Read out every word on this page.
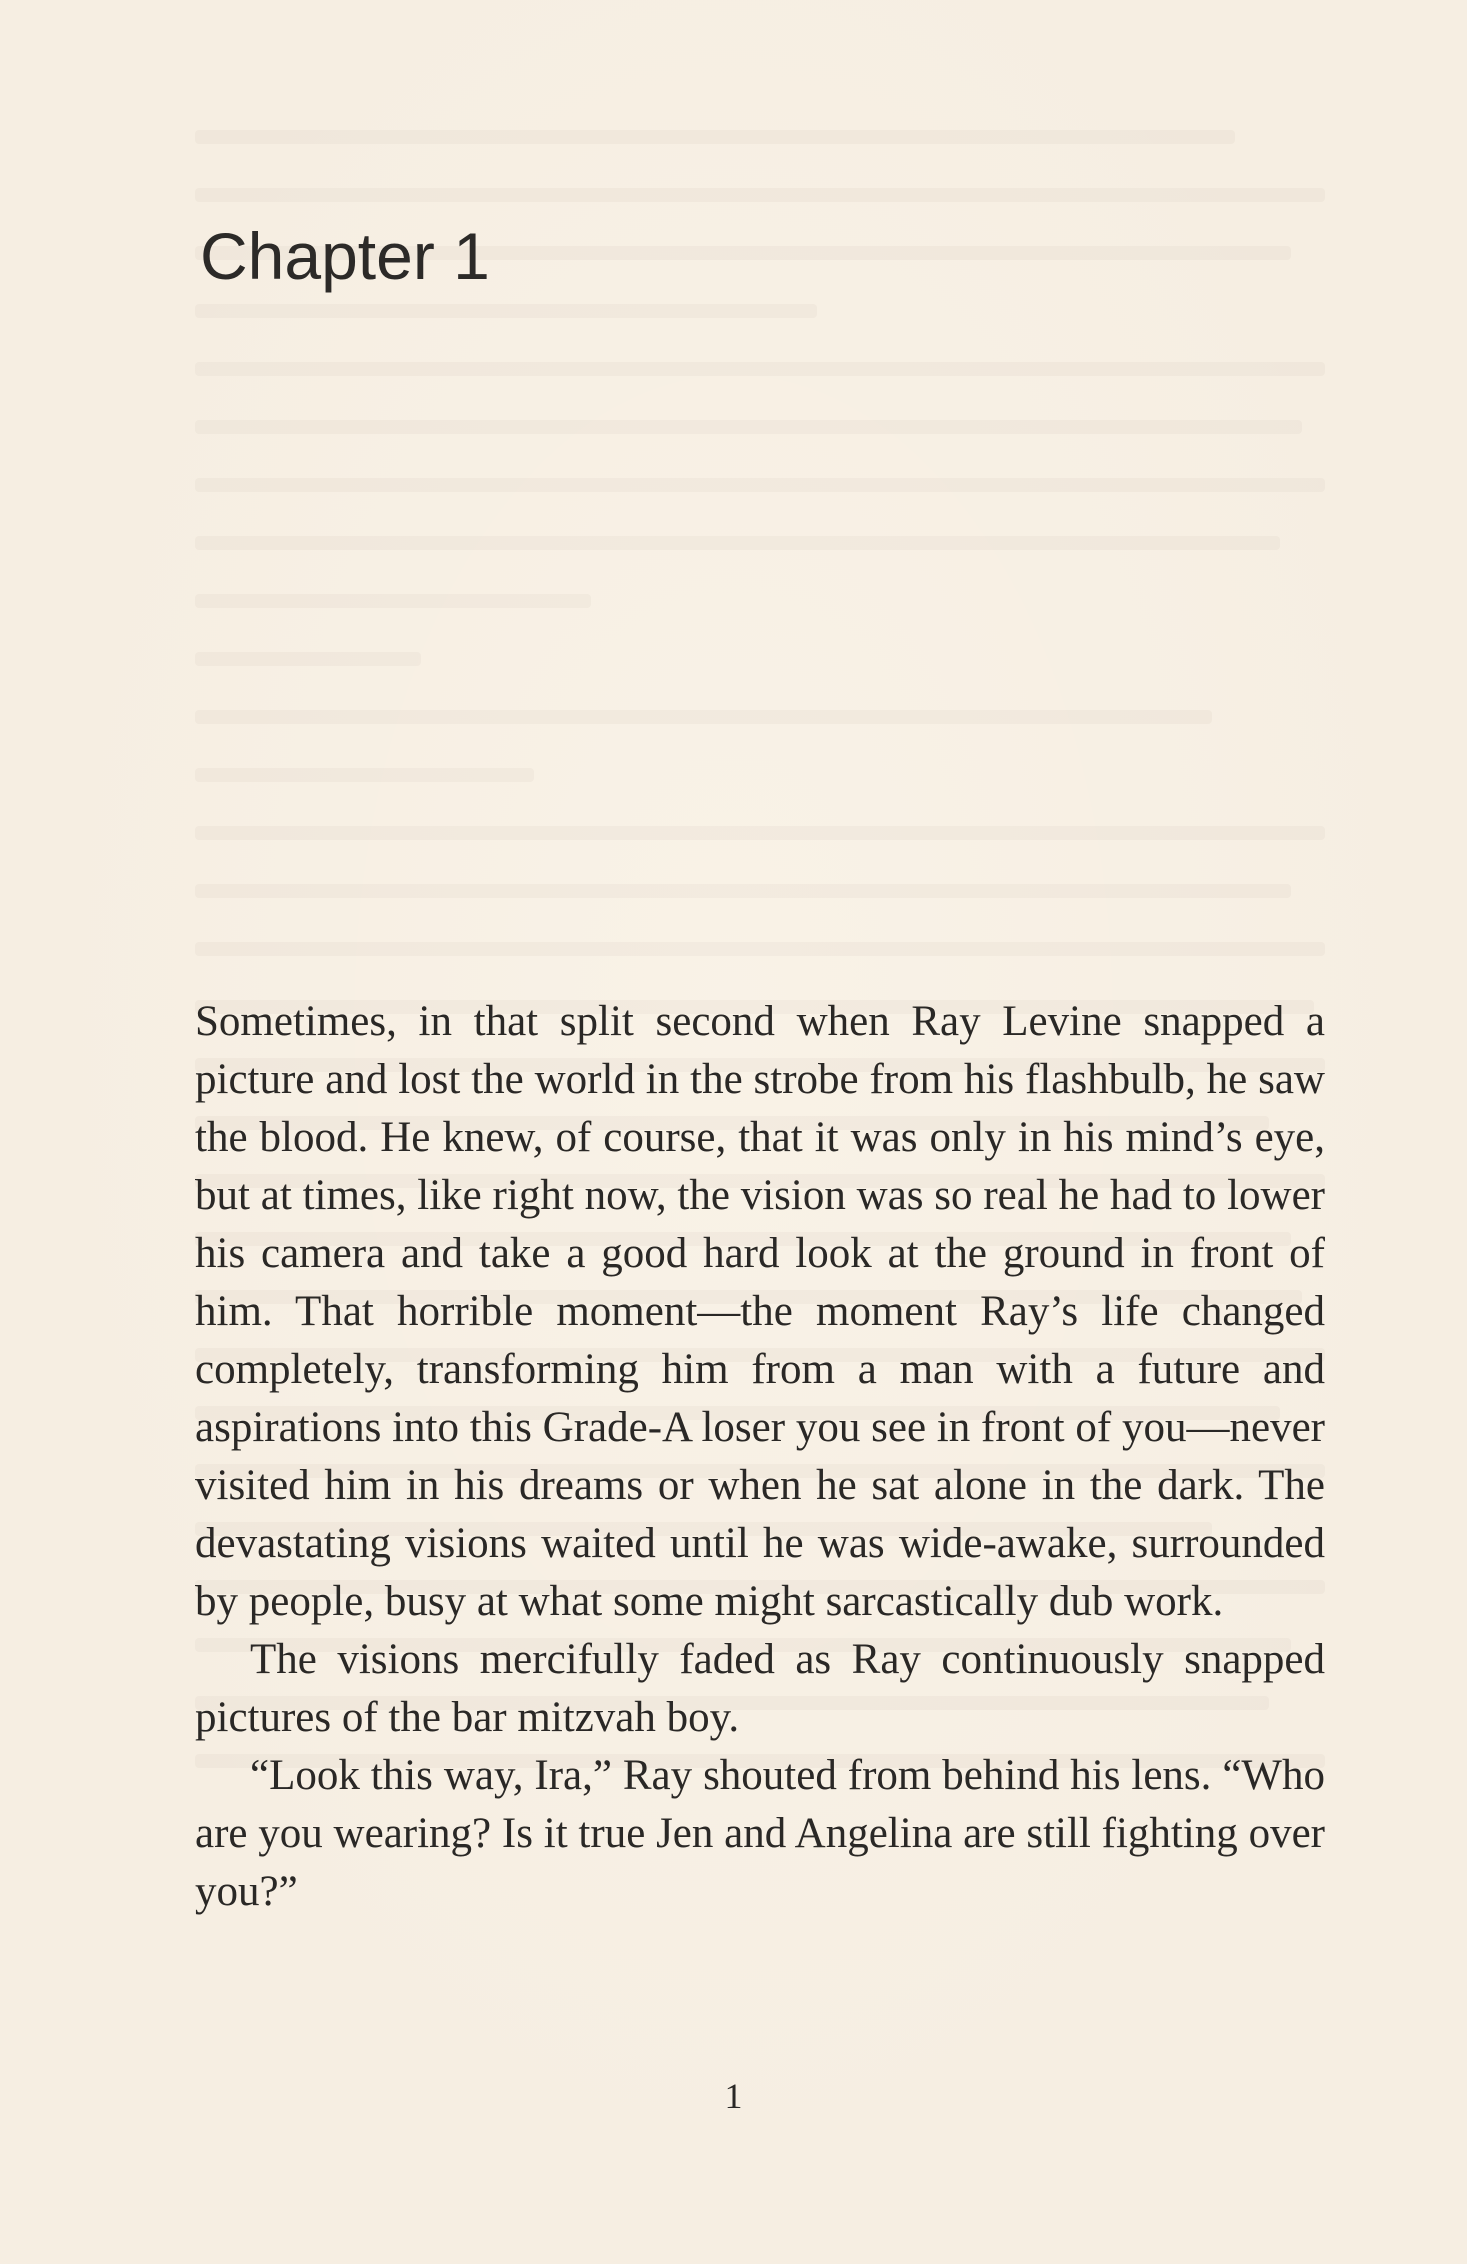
Chapter 1

Sometimes, in that split second when Ray Levine snapped a picture and lost the world in the strobe from his flashbulb, he saw the blood. He knew, of course, that it was only in his mind’s eye, but at times, like right now, the vision was so real he had to lower his camera and take a good hard look at the ground in front of him. That horrible moment—the moment Ray’s life changed completely, transforming him from a man with a future and aspirations into this Grade-A loser you see in front of you—never visited him in his dreams or when he sat alone in the dark. The devastating visions waited until he was wide-awake, surrounded by people, busy at what some might sarcastically dub work.

The visions mercifully faded as Ray continuously snapped pictures of the bar mitzvah boy.

“Look this way, Ira,” Ray shouted from behind his lens. “Who are you wearing? Is it true Jen and Angelina are still fighting over you?”

1
